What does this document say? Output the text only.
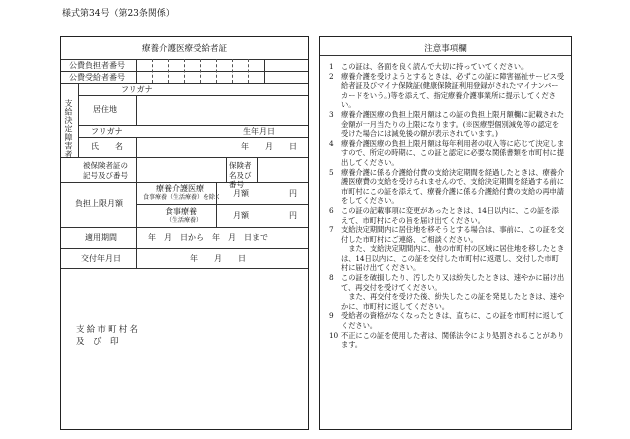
様式第34号（第23条関係）
療養介護医療受給者証
公費負担者番号
公費受給者番号
支給決定障害者
フリガナ
居住地
フリガナ	生年月日
氏　　名	年　　月　　日
被保険者証の記号及び番号
保険者名及び番号
負担上限月額
療養介護医療
食事療養（生活療養）を除く 月額	円
食事療養
（生活療養）
月額	円
適用期間	年　月　日から　年　月　日まで
交付年月日	年　　月　　日
支給市町村名
及　び　印
注意事項欄
1	この証は、各面を良く読んで大切に持っていてください。
2	療養介護を受けようとするときは、必ずこの証に障害福祉サービス受給者証及びマイナ保険証(健康保険証利用登録がされたマイナンバーカードをいう。)等を添えて、指定療養介護事業所に提示してください。
3	療養介護医療の負担上限月額はこの証の負担上限月額欄に記載された金額が一月当たりの上限になります。(※医療型個別減免等の認定を受けた場合には減免後の額が表示されています。)
4	療養介護医療の負担上限月額は毎年利用者の収入等に応じて決定しますので、所定の時期に、この証と認定に必要な関係書類を市町村に提出してください。
5	療養介護に係る介護給付費の支給決定期間を経過したときは、療養介護医療費の支給を受けられませんので、支給決定期間を経過する前に市町村にこの証を添えて、療養介護に係る介護給付費の支給の再申請をしてください。
6	この証の記載事項に変更があったときは、14日以内に、この証を添えて、市町村にその旨を届け出てください。
7	支給決定期間内に居住地を移そうとする場合は、事前に、この証を交付した市町村にご連絡、ご相談ください。
また、支給決定期間内に、他の市町村の区域に居住地を移したときは、14日以内に、この証を交付した市町村に返還し、交付した市町村に届け出てください。
8	この証を破損したり、汚したり又は紛失したときは、速やかに届け出て、再交付を受けてください。
また、再交付を受けた後、紛失したこの証を発見したときは、速やかに、市町村に返してください。
9	受給者の資格がなくなったときは、直ちに、この証を市町村に返してください。
10 不正にこの証を使用した者は、関係法令により処罰されることがあります。
